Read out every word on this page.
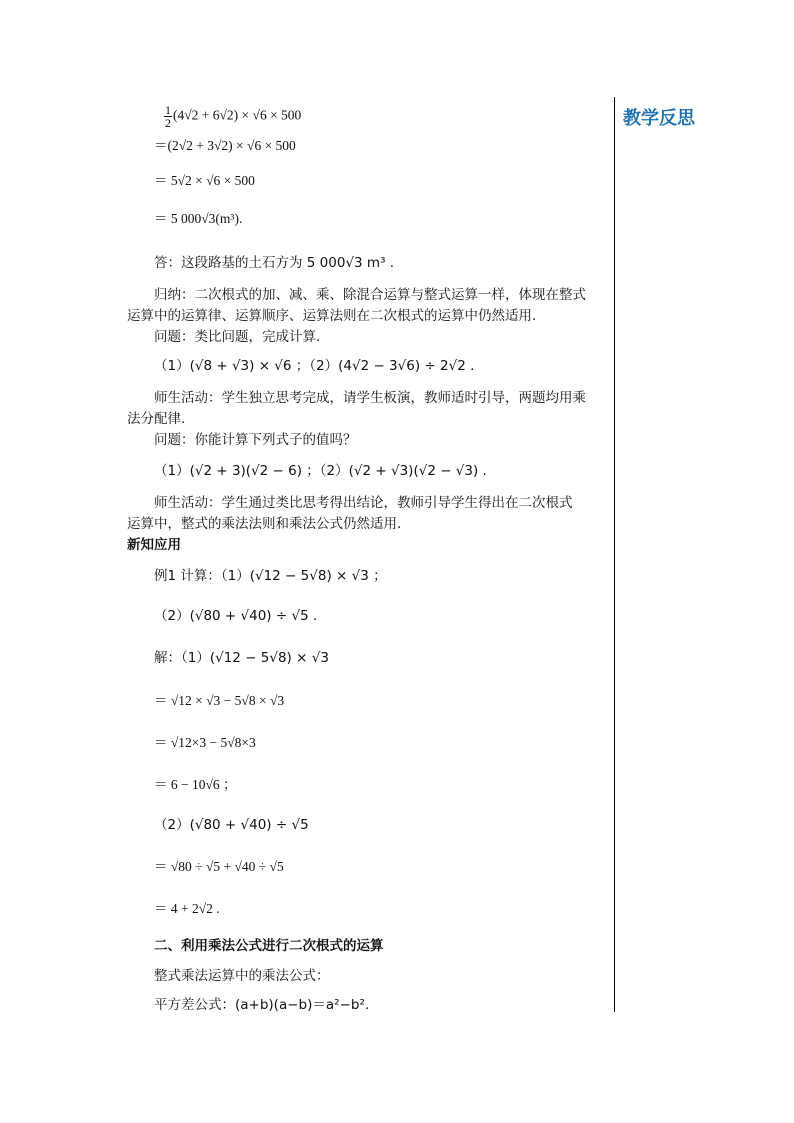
教学反思
$\frac{1}{2} (4√2 + 6√2) \times √6 \times 500$
＝(2√2 + 3√2) × √6 × 500
＝ 5√2 × √6 × 500
＝ 5 000√3(m³).
答：这段路基的土石方为 5 000√3 m³ .
归纳：二次根式的加、减、乘、除混合运算与整式运算一样，体现在整式
运算中的运算律、运算顺序、运算法则在二次根式的运算中仍然适用.
问题：类比问题，完成计算.
（1）(√8 + √3) × √6 ；（2）(4√2 − 3√6) ÷ 2√2 .
师生活动：学生独立思考完成，请学生板演，教师适时引导，两题均用乘
法分配律.
问题：你能计算下列式子的值吗？
（1）(√2 + 3)(√2 − 6) ；（2）(√2 + √3)(√2 − √3) .
师生活动：学生通过类比思考得出结论，教师引导学生得出在二次根式
运算中，整式的乘法法则和乘法公式仍然适用.
新知应用
例1 计算：（1）(√12 − 5√8) × √3 ；
（2）(√80 + √40) ÷ √5 .
解：（1）(√12 − 5√8) × √3
＝ √12 × √3 − 5√8 × √3
＝ √12×3 − 5√8×3
＝ 6 − 10√6 ；
（2）(√80 + √40) ÷ √5
＝ √80 ÷ √5 + √40 ÷ √5
＝ 4 + 2√2 .
二、利用乘法公式进行二次根式的运算
整式乘法运算中的乘法公式：
平方差公式：(a+b)(a−b)＝a²−b².
